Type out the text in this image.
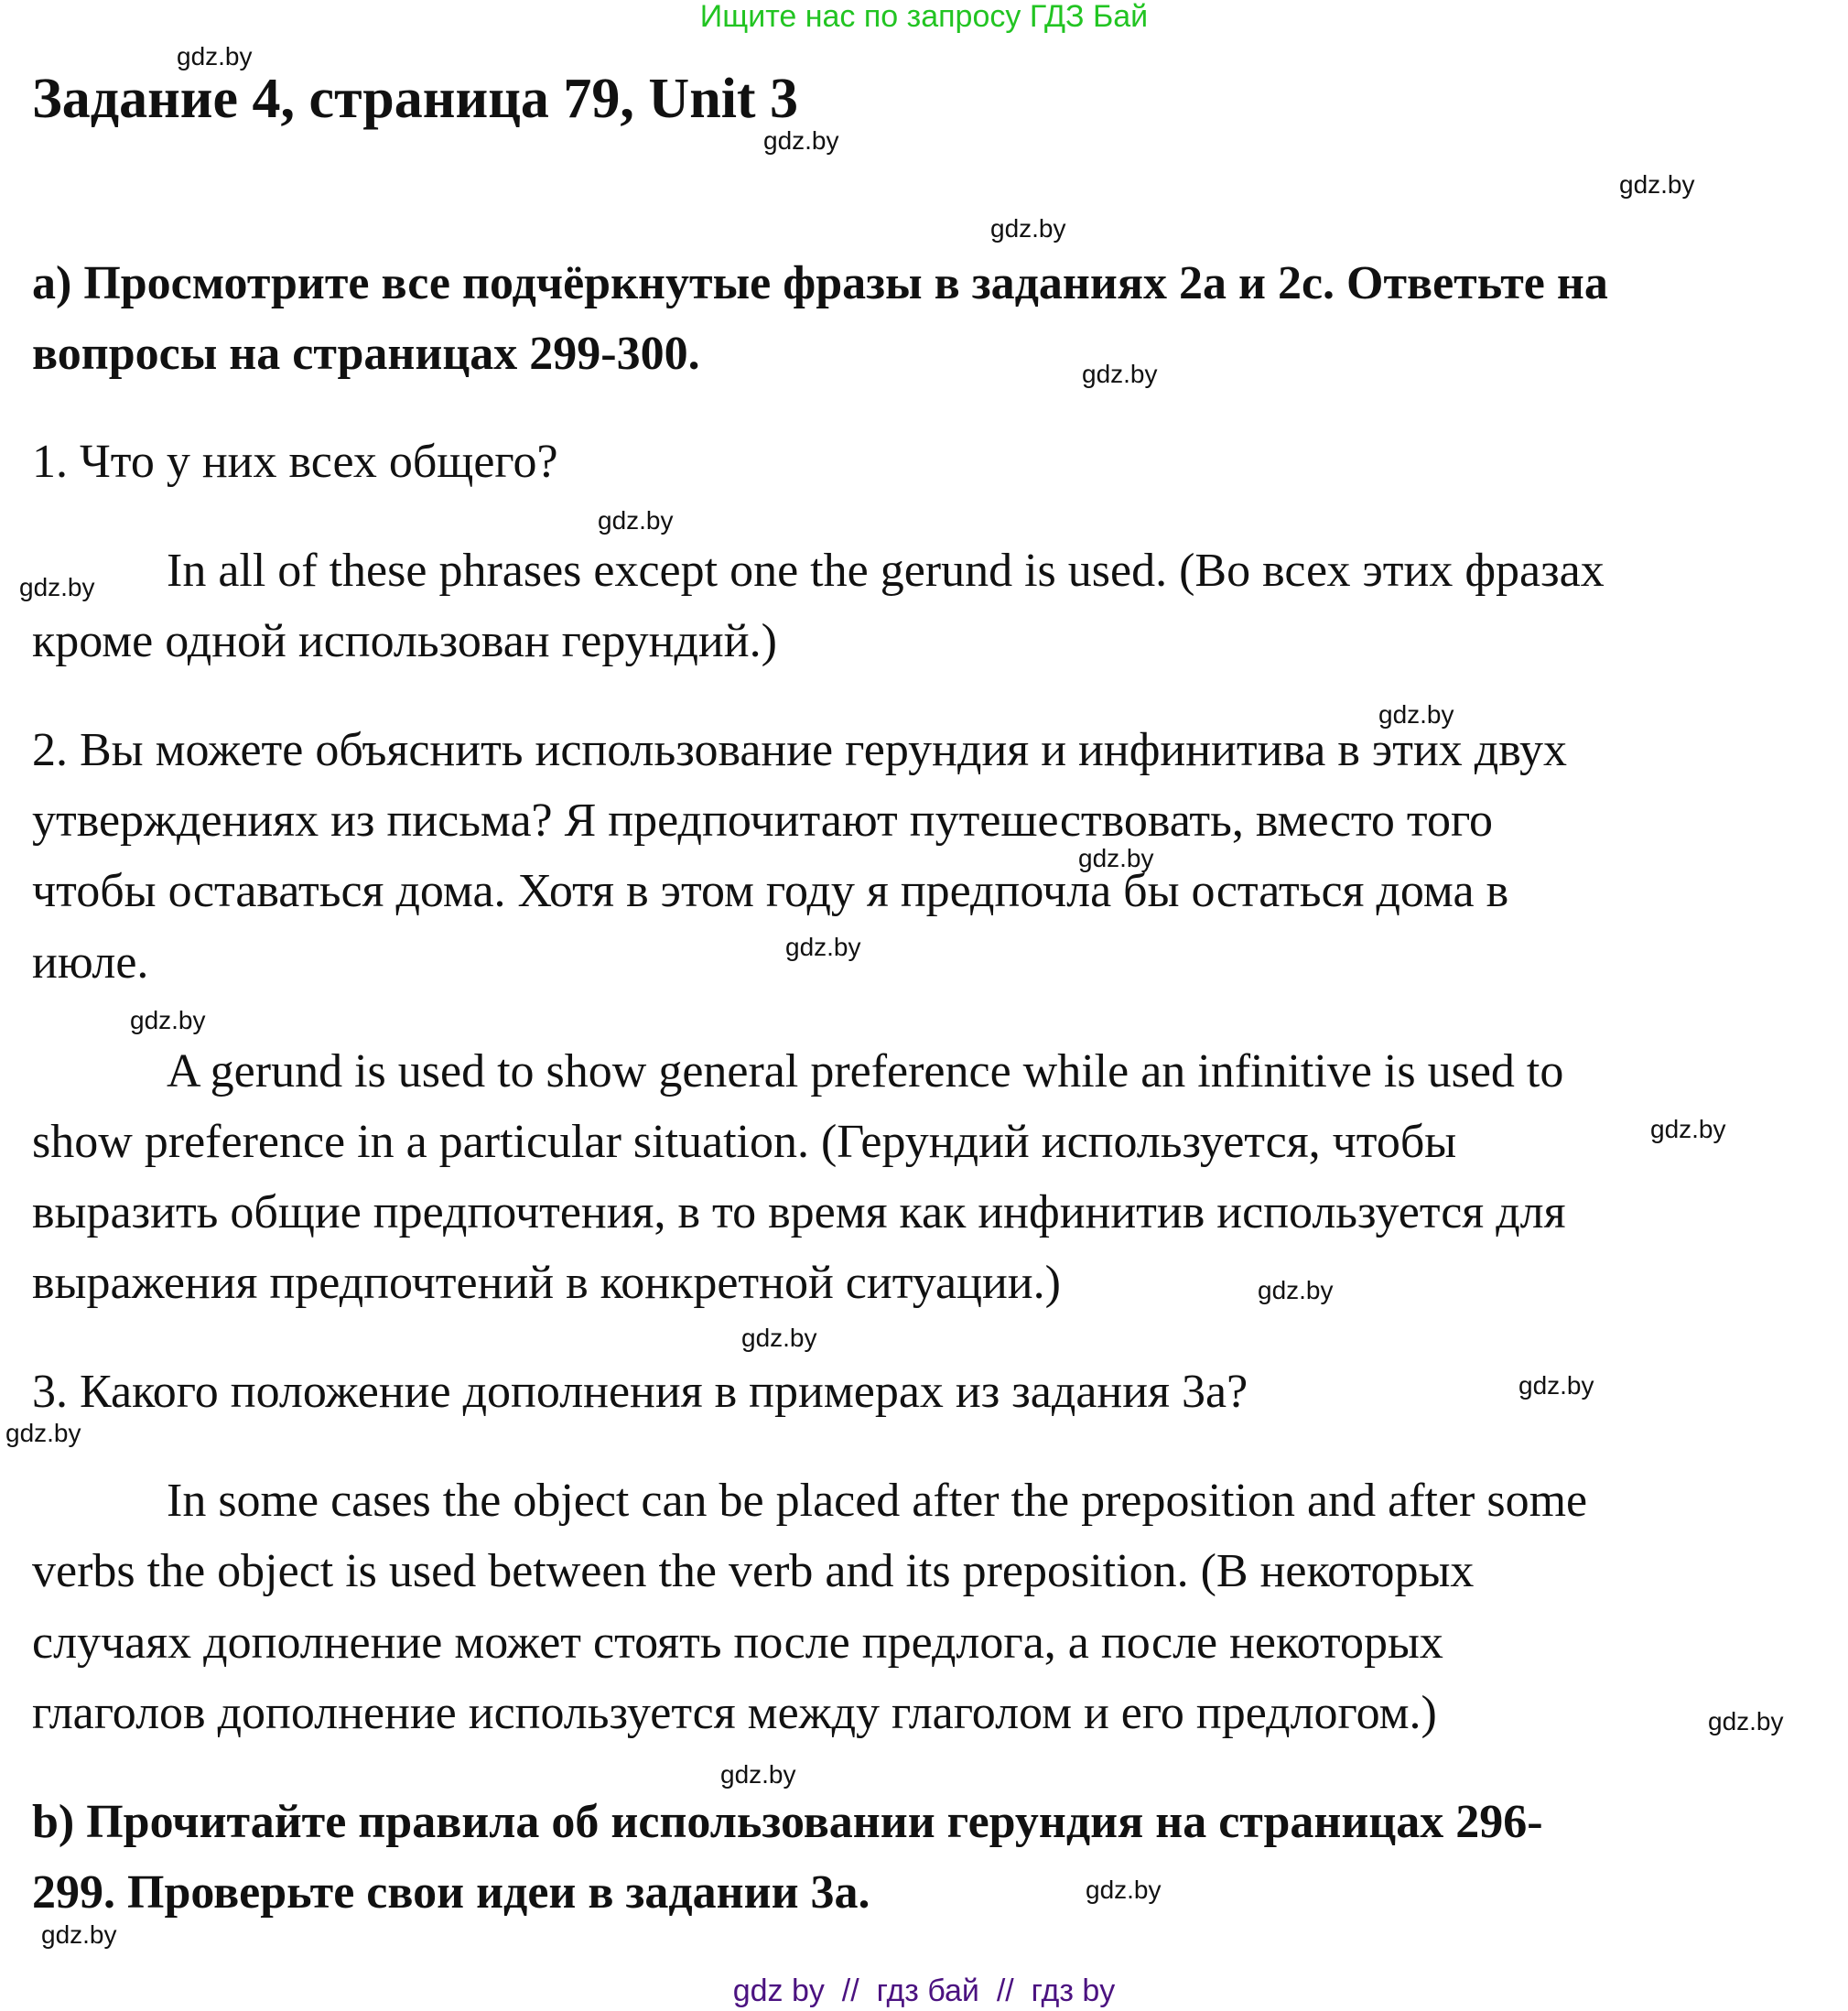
Ищите нас по запросу ГДЗ Бай
Задание 4, страница 79, Unit 3
а) Просмотрите все подчёркнутые фразы в заданиях 2а и 2с. Ответьте на
вопросы на страницах 299-300.
1. Что у них всех общего?
In all of these phrases except one the gerund is used. (Во всех этих фразах
кроме одной использован герундий.)
2. Вы можете объяснить использование герундия и инфинитива в этих двух
утверждениях из письма? Я предпочитают путешествовать, вместо того
чтобы оставаться дома. Хотя в этом году я предпочла бы остаться дома в
июле.
A gerund is used to show general preference while an infinitive is used to
show preference in a particular situation. (Герундий используется, чтобы
выразить общие предпочтения, в то время как инфинитив используется для
выражения предпочтений в конкретной ситуации.)
3. Какого положение дополнения в примерах из задания 3а?
In some cases the object can be placed after the preposition and after some
verbs the object is used between the verb and its preposition. (В некоторых
случаях дополнение может стоять после предлога, а после некоторых
глаголов дополнение используется между глаголом и его предлогом.)
b) Прочитайте правила об использовании герундия на страницах 296-
299. Проверьте свои идеи в задании 3а.
gdz.by
gdz.by
gdz.by
gdz.by
gdz.by
gdz.by
gdz.by
gdz.by
gdz.by
gdz.by
gdz.by
gdz.by
gdz.by
gdz.by
gdz.by
gdz.by
gdz.by
gdz.by
gdz.by
gdz.by
gdz by  //  гдз бай  //  гдз by
